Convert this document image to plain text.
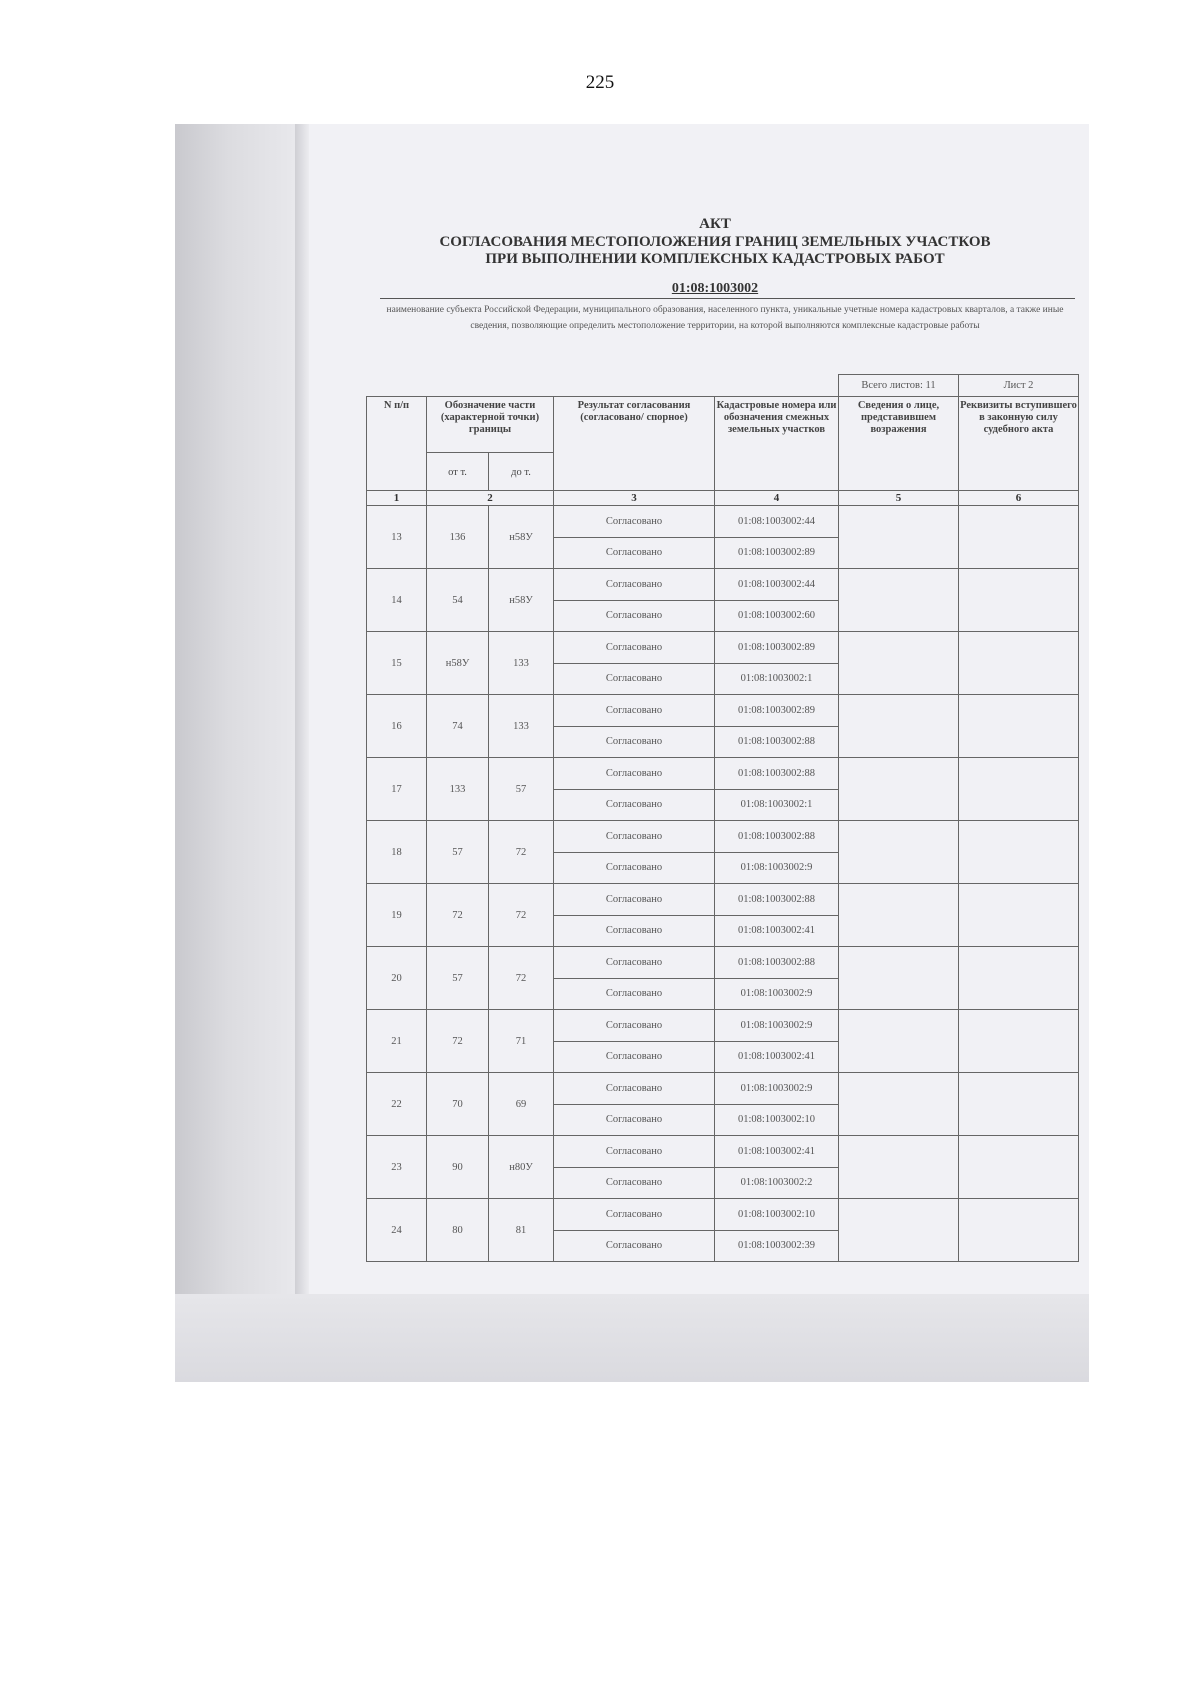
225
АКТ
СОГЛАСОВАНИЯ МЕСТОПОЛОЖЕНИЯ ГРАНИЦ ЗЕМЕЛЬНЫХ УЧАСТКОВ
ПРИ ВЫПОЛНЕНИИ КОМПЛЕКСНЫХ КАДАСТРОВЫХ РАБОТ
01:08:1003002
наименование субъекта Российской Федерации, муниципального образования, населенного пункта, уникальные учетные номера кадастровых кварталов, а также иные сведения, позволяющие определить местоположение территории, на которой выполняются комплексные кадастровые работы
					Всего листов: 11	Лист 2
N п/п	Обозначение части (характерной точки) границы		Результат согласования (согласовано/ спорное)	Кадастровые номера или обозначения смежных земельных участков	Сведения о лице, представившем возражения	Реквизиты вступившего в законную силу судебного акта
	от т.	до т.				
1	2		3	4	5	6
13	136	н58У	Согласовано	01:08:1003002:44		
			Согласовано	01:08:1003002:89		
14	54	н58У	Согласовано	01:08:1003002:44		
			Согласовано	01:08:1003002:60		
15	н58У	133	Согласовано	01:08:1003002:89		
			Согласовано	01:08:1003002:1		
16	74	133	Согласовано	01:08:1003002:89		
			Согласовано	01:08:1003002:88		
17	133	57	Согласовано	01:08:1003002:88		
			Согласовано	01:08:1003002:1		
18	57	72	Согласовано	01:08:1003002:88		
			Согласовано	01:08:1003002:9		
19	72	72	Согласовано	01:08:1003002:88		
			Согласовано	01:08:1003002:41		
20	57	72	Согласовано	01:08:1003002:88		
			Согласовано	01:08:1003002:9		
21	72	71	Согласовано	01:08:1003002:9		
			Согласовано	01:08:1003002:41		
22	70	69	Согласовано	01:08:1003002:9		
			Согласовано	01:08:1003002:10		
23	90	н80У	Согласовано	01:08:1003002:41		
			Согласовано	01:08:1003002:2		
24	80	81	Согласовано	01:08:1003002:10		
			Согласовано	01:08:1003002:39		
